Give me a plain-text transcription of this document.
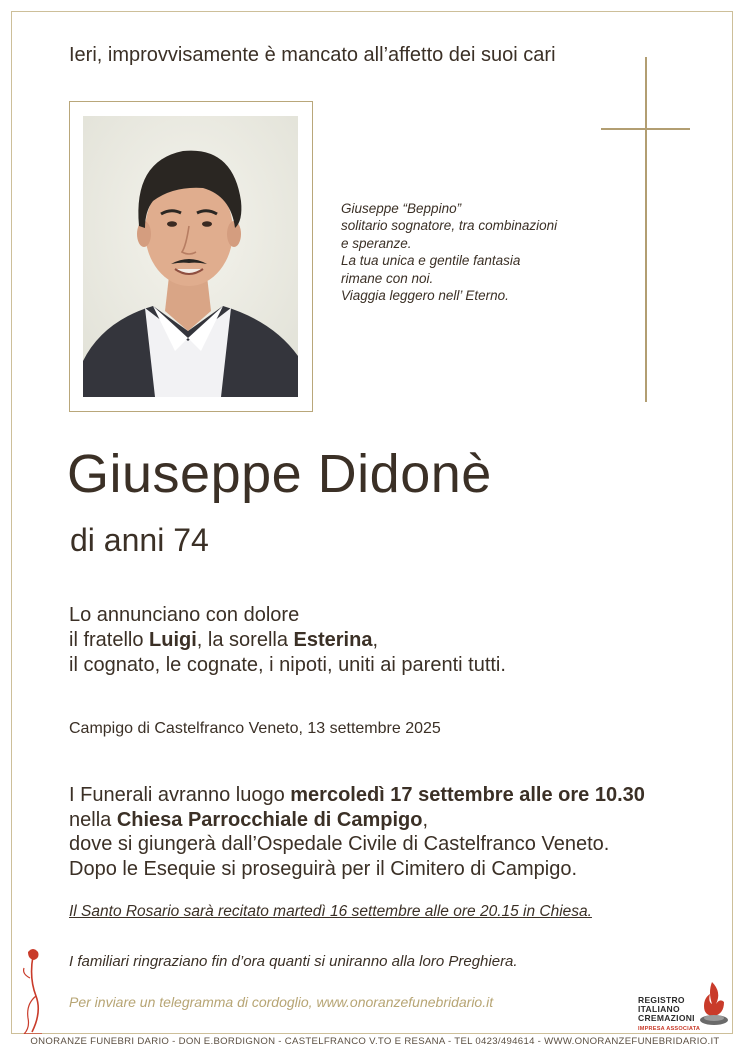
Ieri, improvvisamente è mancato all’affetto dei suoi cari
Giuseppe “Beppino”
solitario sognatore, tra combinazioni
e speranze.
La tua unica e gentile fantasia
rimane con noi.
Viaggia leggero nell’ Eterno.
Giuseppe Didonè
di anni 74
Lo annunciano con dolore
il fratello Luigi, la sorella Esterina,
il cognato, le cognate, i nipoti, uniti ai parenti tutti.
Campigo di Castelfranco Veneto, 13 settembre 2025
I Funerali avranno luogo mercoledì 17 settembre alle ore 10.30
nella Chiesa Parrocchiale di Campigo,
dove si giungerà dall’Ospedale Civile di Castelfranco Veneto.
Dopo le Esequie si proseguirà per il Cimitero di Campigo.
Il Santo Rosario sarà recitato martedì 16 settembre alle ore 20.15 in Chiesa.
I familiari ringraziano fin d’ora quanti si uniranno alla loro Preghiera.
Per inviare un telegramma di cordoglio, www.onoranzefunebridario.it	REGISTRO
ITALIANO
CREMAZIONI
IMPRESA ASSOCIATA
ONORANZE FUNEBRI DARIO - DON E.BORDIGNON - CASTELFRANCO V.TO E RESANA - TEL 0423/494614 - WWW.ONORANZEFUNEBRIDARIO.IT
